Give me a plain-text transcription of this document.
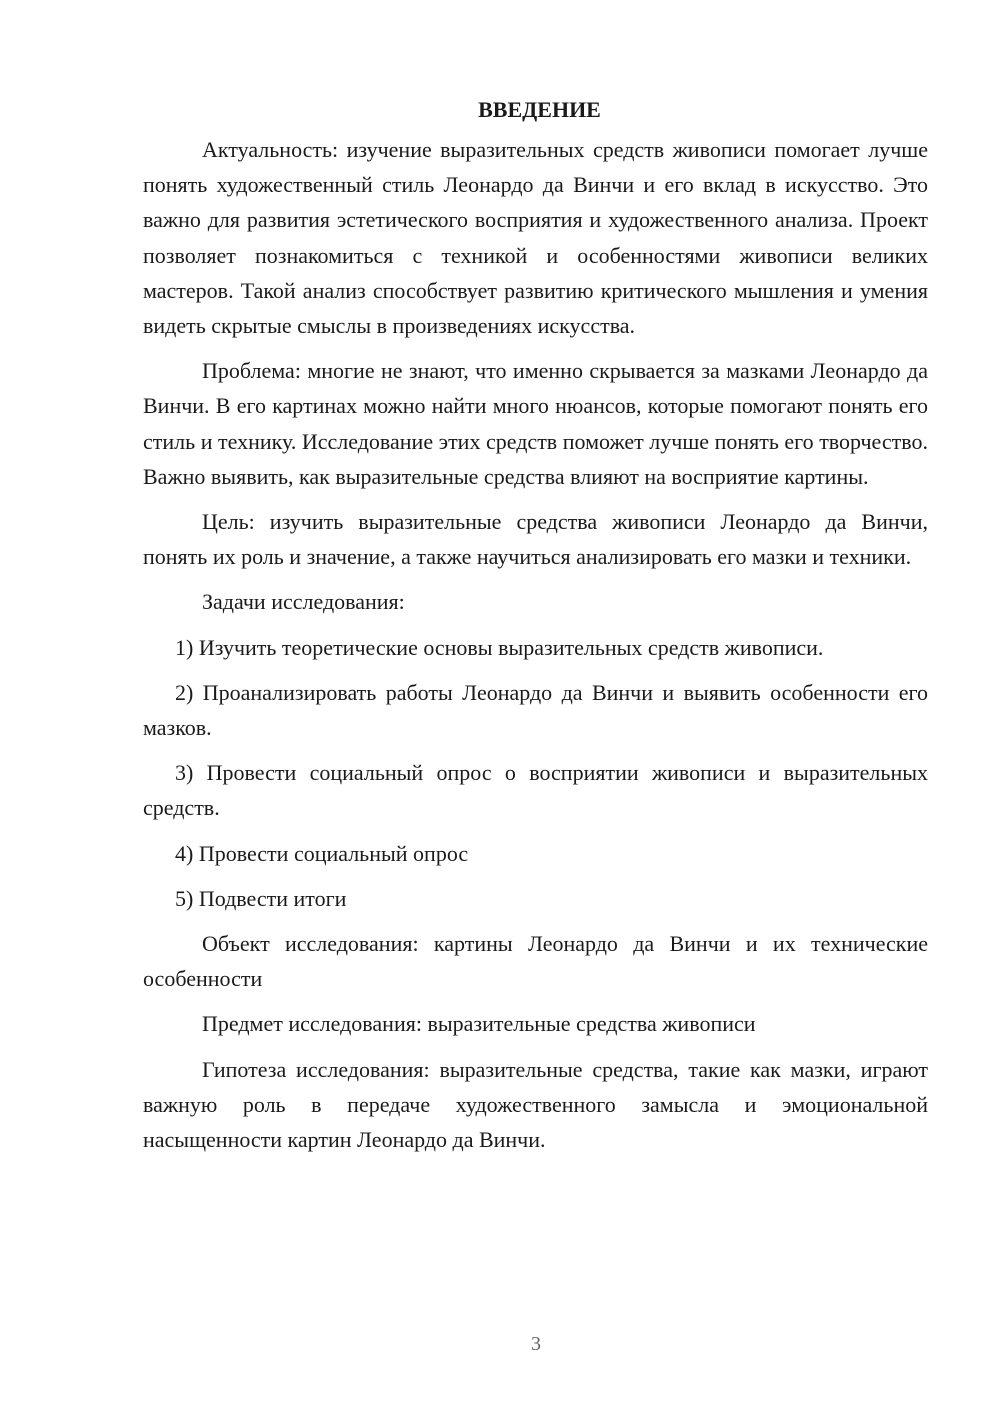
ВВЕДЕНИЕ

Актуальность: изучение выразительных средств живописи помогает лучше понять художественный стиль Леонардо да Винчи и его вклад в искусство. Это важно для развития эстетического восприятия и художественного анализа. Проект позволяет познакомиться с техникой и особенностями живописи великих мастеров. Такой анализ способствует развитию критического мышления и умения видеть скрытые смыслы в произведениях искусства.

Проблема: многие не знают, что именно скрывается за мазками Леонардо да Винчи. В его картинах можно найти много нюансов, которые помогают понять его стиль и технику. Исследование этих средств поможет лучше понять его творчество. Важно выявить, как выразительные средства влияют на восприятие картины.

Цель: изучить выразительные средства живописи Леонардо да Винчи, понять их роль и значение, а также научиться анализировать его мазки и техники.

Задачи исследования:

1) Изучить теоретические основы выразительных средств живописи.

2) Проанализировать работы Леонардо да Винчи и выявить особенности его мазков.

3) Провести социальный опрос о восприятии живописи и выразительных средств.

4) Провести социальный опрос

5) Подвести итоги

Объект исследования: картины Леонардо да Винчи и их технические особенности

Предмет исследования: выразительные средства живописи

Гипотеза исследования: выразительные средства, такие как мазки, играют важную роль в передаче художественного замысла и эмоциональной насыщенности картин Леонардо да Винчи.

3
